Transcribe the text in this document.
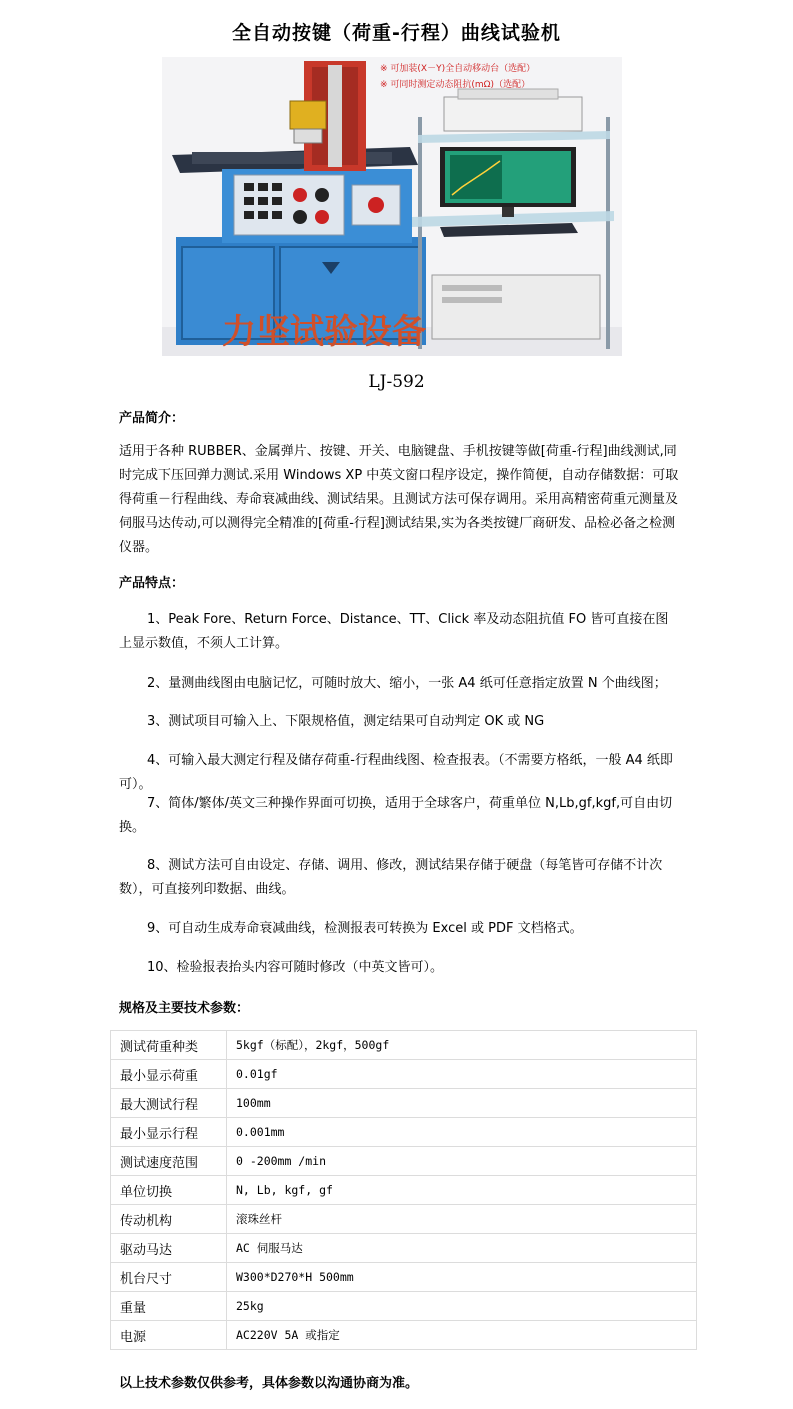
全自动按键（荷重-行程）曲线试验机
力坚试验设备
※ 可加装(X－Y)全自动移动台（选配）
※ 可同时测定动态阻抗(mΩ)（选配）
LJ-592
产品简介：
适用于各种 RUBBER、金属弹片、按键、开关、电脑键盘、手机按键等做[荷重-行程]曲线测试,同时完成下压回弹力测试.采用 Windows XP 中英文窗口程序设定，操作简便，自动存储数据：可取得荷重－行程曲线、寿命衰减曲线、测试结果。且测试方法可保存调用。采用高精密荷重元测量及伺服马达传动,可以测得完全精准的[荷重-行程]测试结果,实为各类按键厂商研发、品检必备之检测仪器。
产品特点：
1、Peak Fore、Return Force、Distance、TT、Click 率及动态阻抗值 FO 皆可直接在图上显示数值，不须人工计算。
2、量测曲线图由电脑记忆，可随时放大、缩小，一张 A4 纸可任意指定放置 N 个曲线图；
3、测试项目可输入上、下限规格值，测定结果可自动判定 OK 或 NG
4、可输入最大测定行程及储存荷重-行程曲线图、检查报表。（不需要方格纸，一般 A4 纸即可）。
7、简体/繁体/英文三种操作界面可切换，适用于全球客户，荷重单位 N,Lb,gf,kgf,可自由切换。
8、测试方法可自由设定、存储、调用、修改，测试结果存储于硬盘（每笔皆可存储不计次数），可直接列印数据、曲线。
9、可自动生成寿命衰减曲线，检测报表可转换为 Excel 或 PDF 文档格式。
10、检验报表抬头内容可随时修改（中英文皆可）。
规格及主要技术参数：
测试荷重种类	5kgf（标配），2kgf，500gf
最小显示荷重	0.01gf
最大测试行程	100mm
最小显示行程	0.001mm
测试速度范围	0 -200mm /min
单位切换	N, Lb, kgf, gf
传动机构	滚珠丝杆
驱动马达	AC 伺服马达
机台尺寸	W300*D270*H 500mm
重量	25kg
电源	AC220V 5A 或指定
以上技术参数仅供参考，具体参数以沟通协商为准。
